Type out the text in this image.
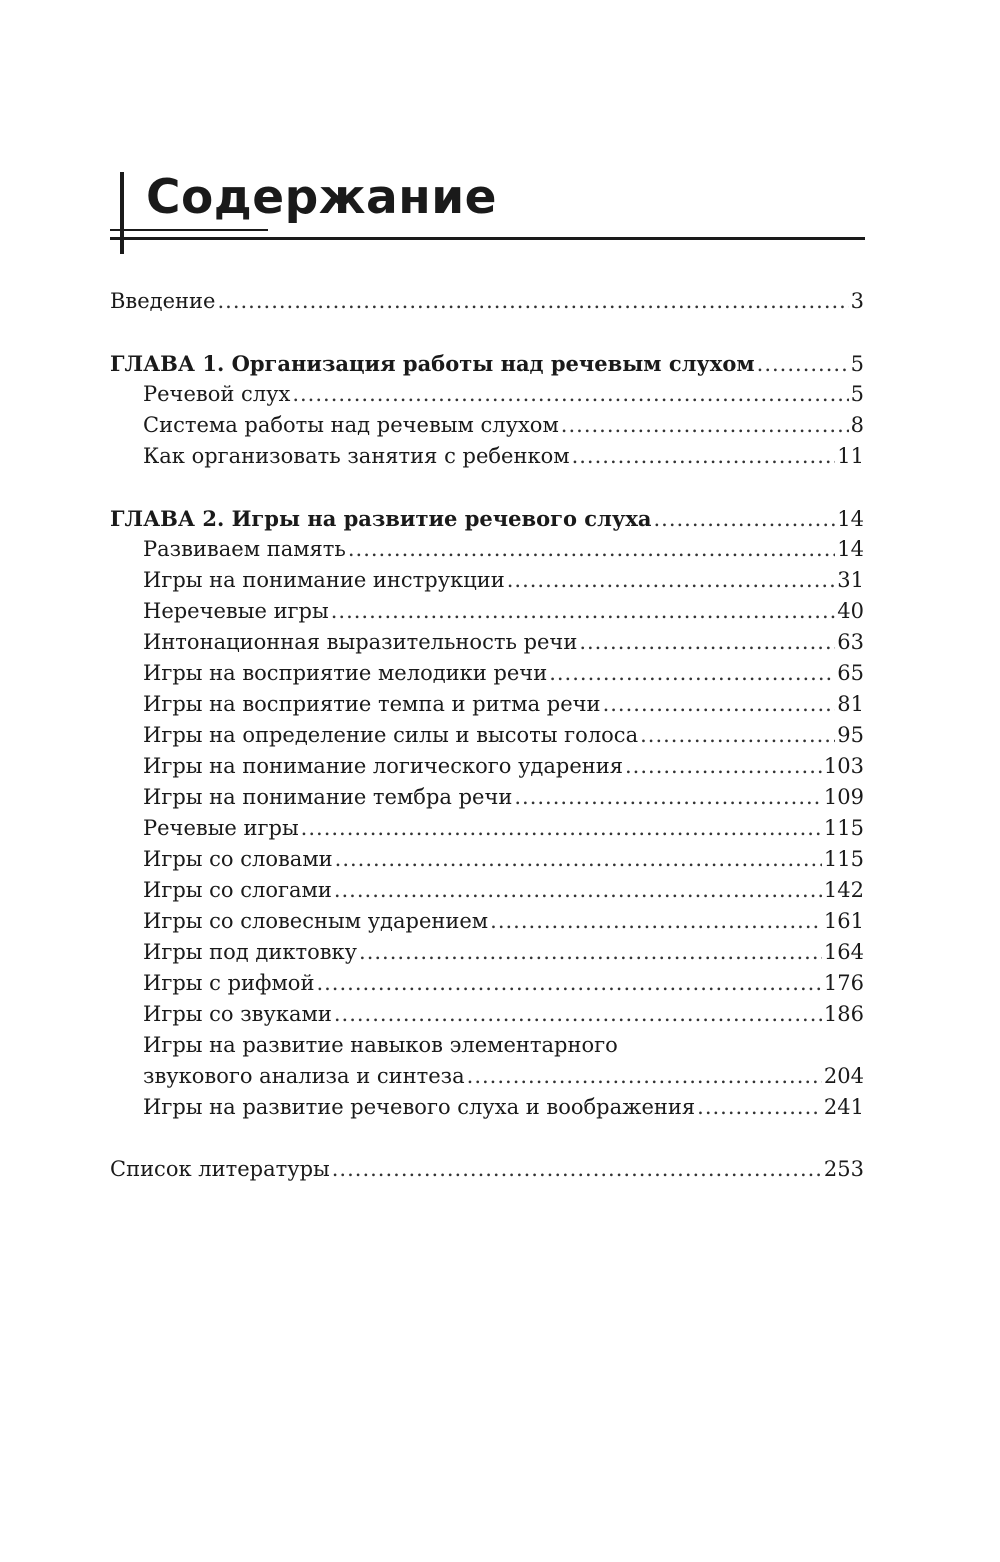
Содержание
Введение .....	3
ГЛАВА 1. Организация работы над речевым слухом .....	5
Речевой слух .....	5
Система работы над речевым слухом .....	8
Как организовать занятия с ребенком .....	11
ГЛАВА 2. Игры на развитие речевого слуха .....	14
Развиваем память .....	14
Игры на понимание инструкции .....	31
Неречевые игры .....	40
Интонационная выразительность речи .....	63
Игры на восприятие мелодики речи .....	65
Игры на восприятие темпа и ритма речи .....	81
Игры на определение силы и высоты голоса .....	95
Игры на понимание логического ударения .....	103
Игры на понимание тембра речи .....	109
Речевые игры .....	115
Игры со словами .....	115
Игры со слогами .....	142
Игры со словесным ударением .....	161
Игры под диктовку .....	164
Игры с рифмой .....	176
Игры со звуками .....	186
Игры на развитие навыков элементарного
звукового анализа и синтеза .....	204
Игры на развитие речевого слуха и воображения .....	241
Список литературы .....	253
